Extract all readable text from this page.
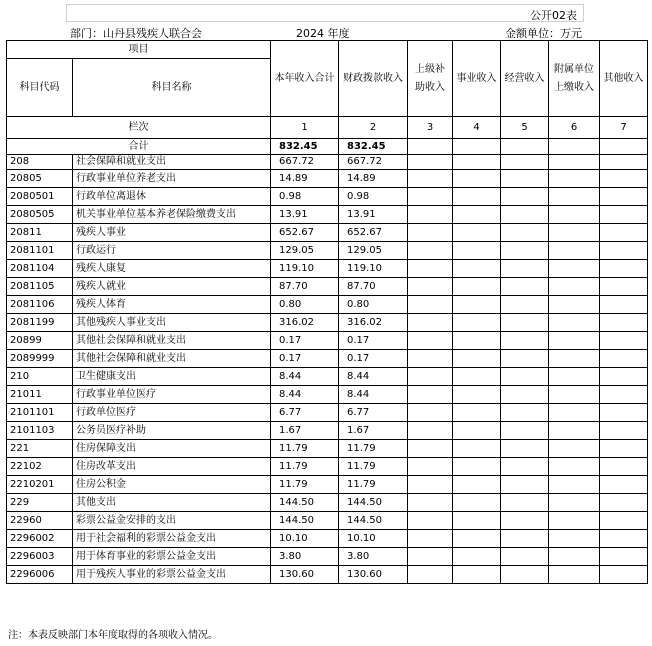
公开02表
部门：山丹县残疾人联合会	2024 年度	金额单位：万元
项目		本年收入合计	财政拨款收入	上级补助收入	事业收入	经营收入	附属单位上缴收入	其他收入
科目代码	科目名称							

栏次		1	2	3	4	5	6	7
合计		832.45	832.45					
208	社会保障和就业支出	667.72	667.72					
20805	行政事业单位养老支出	14.89	14.89					
2080501	行政单位离退休	0.98	0.98					
2080505	机关事业单位基本养老保险缴费支出	13.91	13.91					
20811	残疾人事业	652.67	652.67					
2081101	行政运行	129.05	129.05					
2081104	残疾人康复	119.10	119.10					
2081105	残疾人就业	87.70	87.70					
2081106	残疾人体育	0.80	0.80					
2081199	其他残疾人事业支出	316.02	316.02					
20899	其他社会保障和就业支出	0.17	0.17					
2089999	其他社会保障和就业支出	0.17	0.17					
210	卫生健康支出	8.44	8.44					
21011	行政事业单位医疗	8.44	8.44					
2101101	行政单位医疗	6.77	6.77					
2101103	公务员医疗补助	1.67	1.67					
221	住房保障支出	11.79	11.79					
22102	住房改革支出	11.79	11.79					
2210201	住房公积金	11.79	11.79					
229	其他支出	144.50	144.50					
22960	彩票公益金安排的支出	144.50	144.50					
2296002	用于社会福利的彩票公益金支出	10.10	10.10					
2296003	用于体育事业的彩票公益金支出	3.80	3.80					
2296006	用于残疾人事业的彩票公益金支出	130.60	130.60					
注：本表反映部门本年度取得的各项收入情况。
